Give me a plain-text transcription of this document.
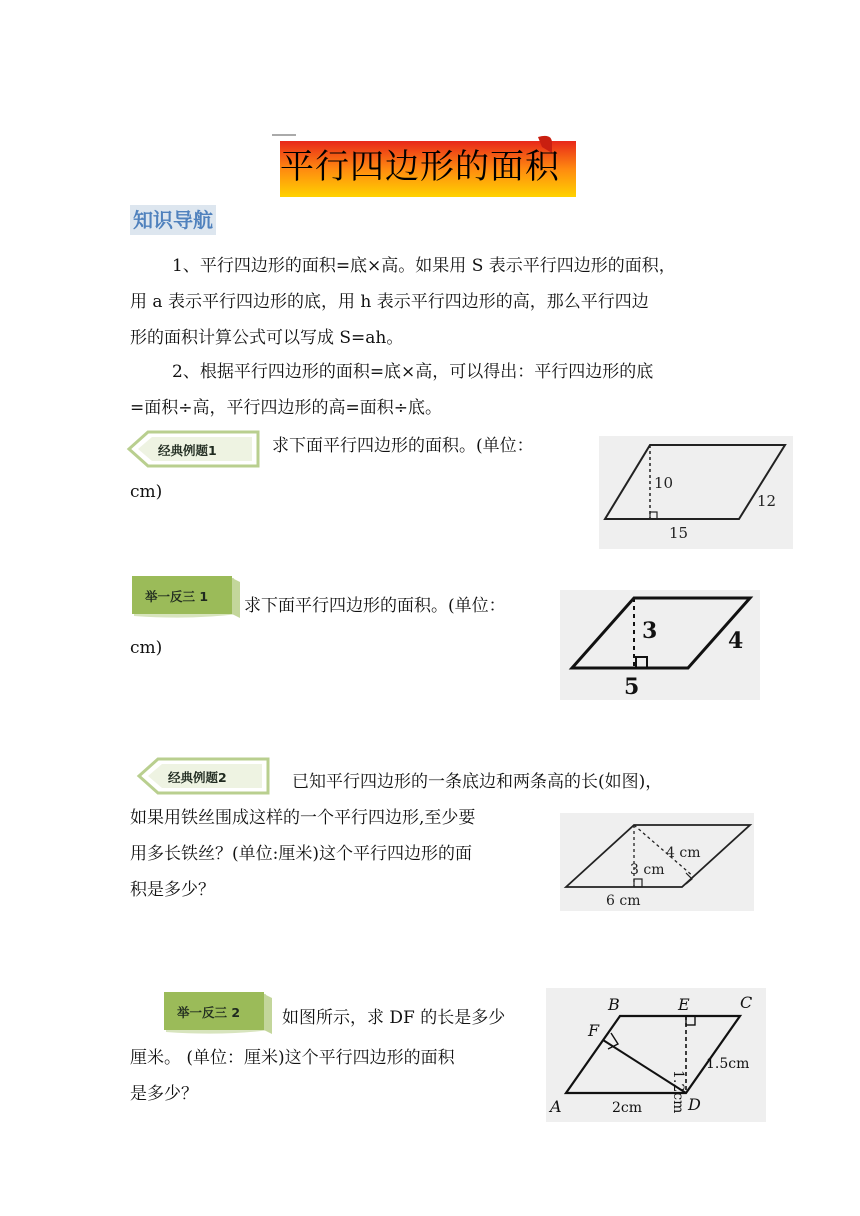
平行四边形的面积
知识导航
1、平行四边形的面积=底×高。如果用 S 表示平行四边形的面积，
用 a 表示平行四边形的底，用 h 表示平行四边形的高，那么平行四边
形的面积计算公式可以写成 S=ah。
2、根据平行四边形的面积=底×高，可以得出：平行四边形的底
=面积÷高，平行四边形的高=面积÷底。
经典例题1	求下面平行四边形的面积。(单位：
cm)	10
12
15
举一反三 1 求下面平行四边形的面积。(单位：
cm)
3	4
5
经典例题2	已知平行四边形的一条底边和两条高的长(如图)，
如果用铁丝围成这样的一个平行四边形,至少要
用多长铁丝？(单位:厘米)这个平行四边形的面
积是多少？
4 cm
3 cm
6 cm
举一反三 2 如图所示，求 DF 的长是多少
厘米。 (单位：厘米)这个平行四边形的面积
是多少？
A
B	C
D
E
F
1.2cm
1.5cm
2cm
